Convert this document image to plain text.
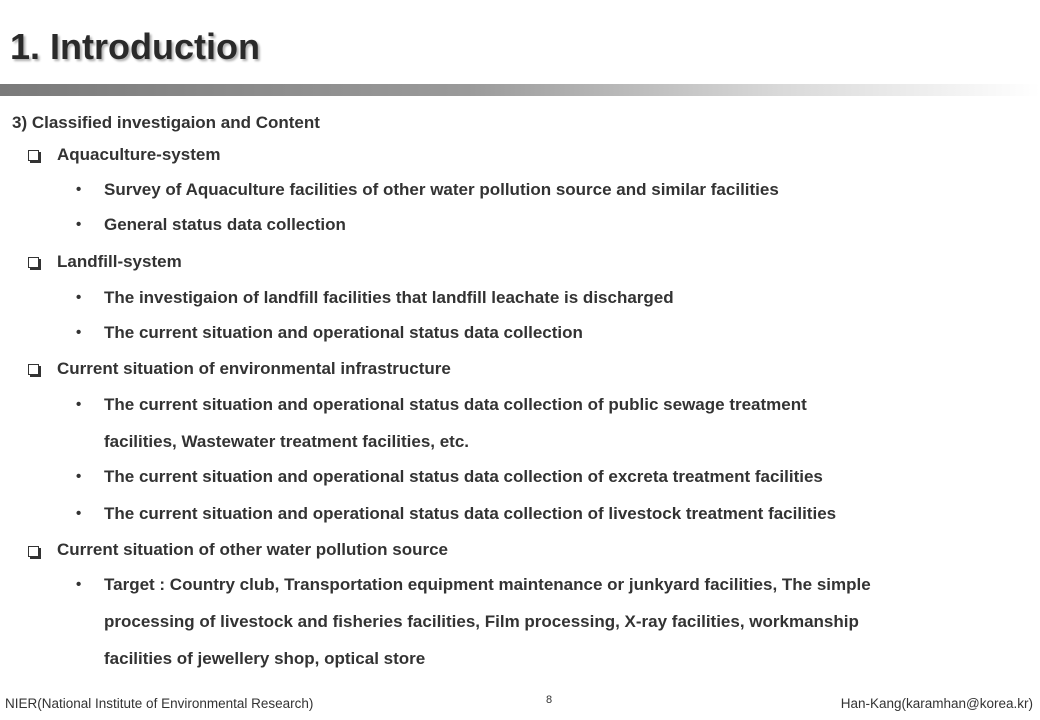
1. Introduction
3) Classified investigaion and Content
Aquaculture-system
• Survey of Aquaculture facilities of other water pollution source and similar facilities
• General status data collection
Landfill-system
• The investigaion of landfill facilities that landfill leachate is discharged
• The current situation and operational status data collection
Current situation of environmental infrastructure
• The current situation and operational status data collection of public sewage treatment
facilities, Wastewater treatment facilities, etc.
• The current situation and operational status data collection of excreta treatment facilities
• The current situation and operational status data collection of livestock treatment facilities
Current situation of other water pollution source
• Target : Country club, Transportation equipment maintenance or junkyard facilities, The simple
processing of livestock and fisheries facilities, Film processing, X-ray facilities, workmanship
facilities of jewellery shop, optical store
NIER(National Institute of Environmental Research)	8	Han-Kang(karamhan@korea.kr)
